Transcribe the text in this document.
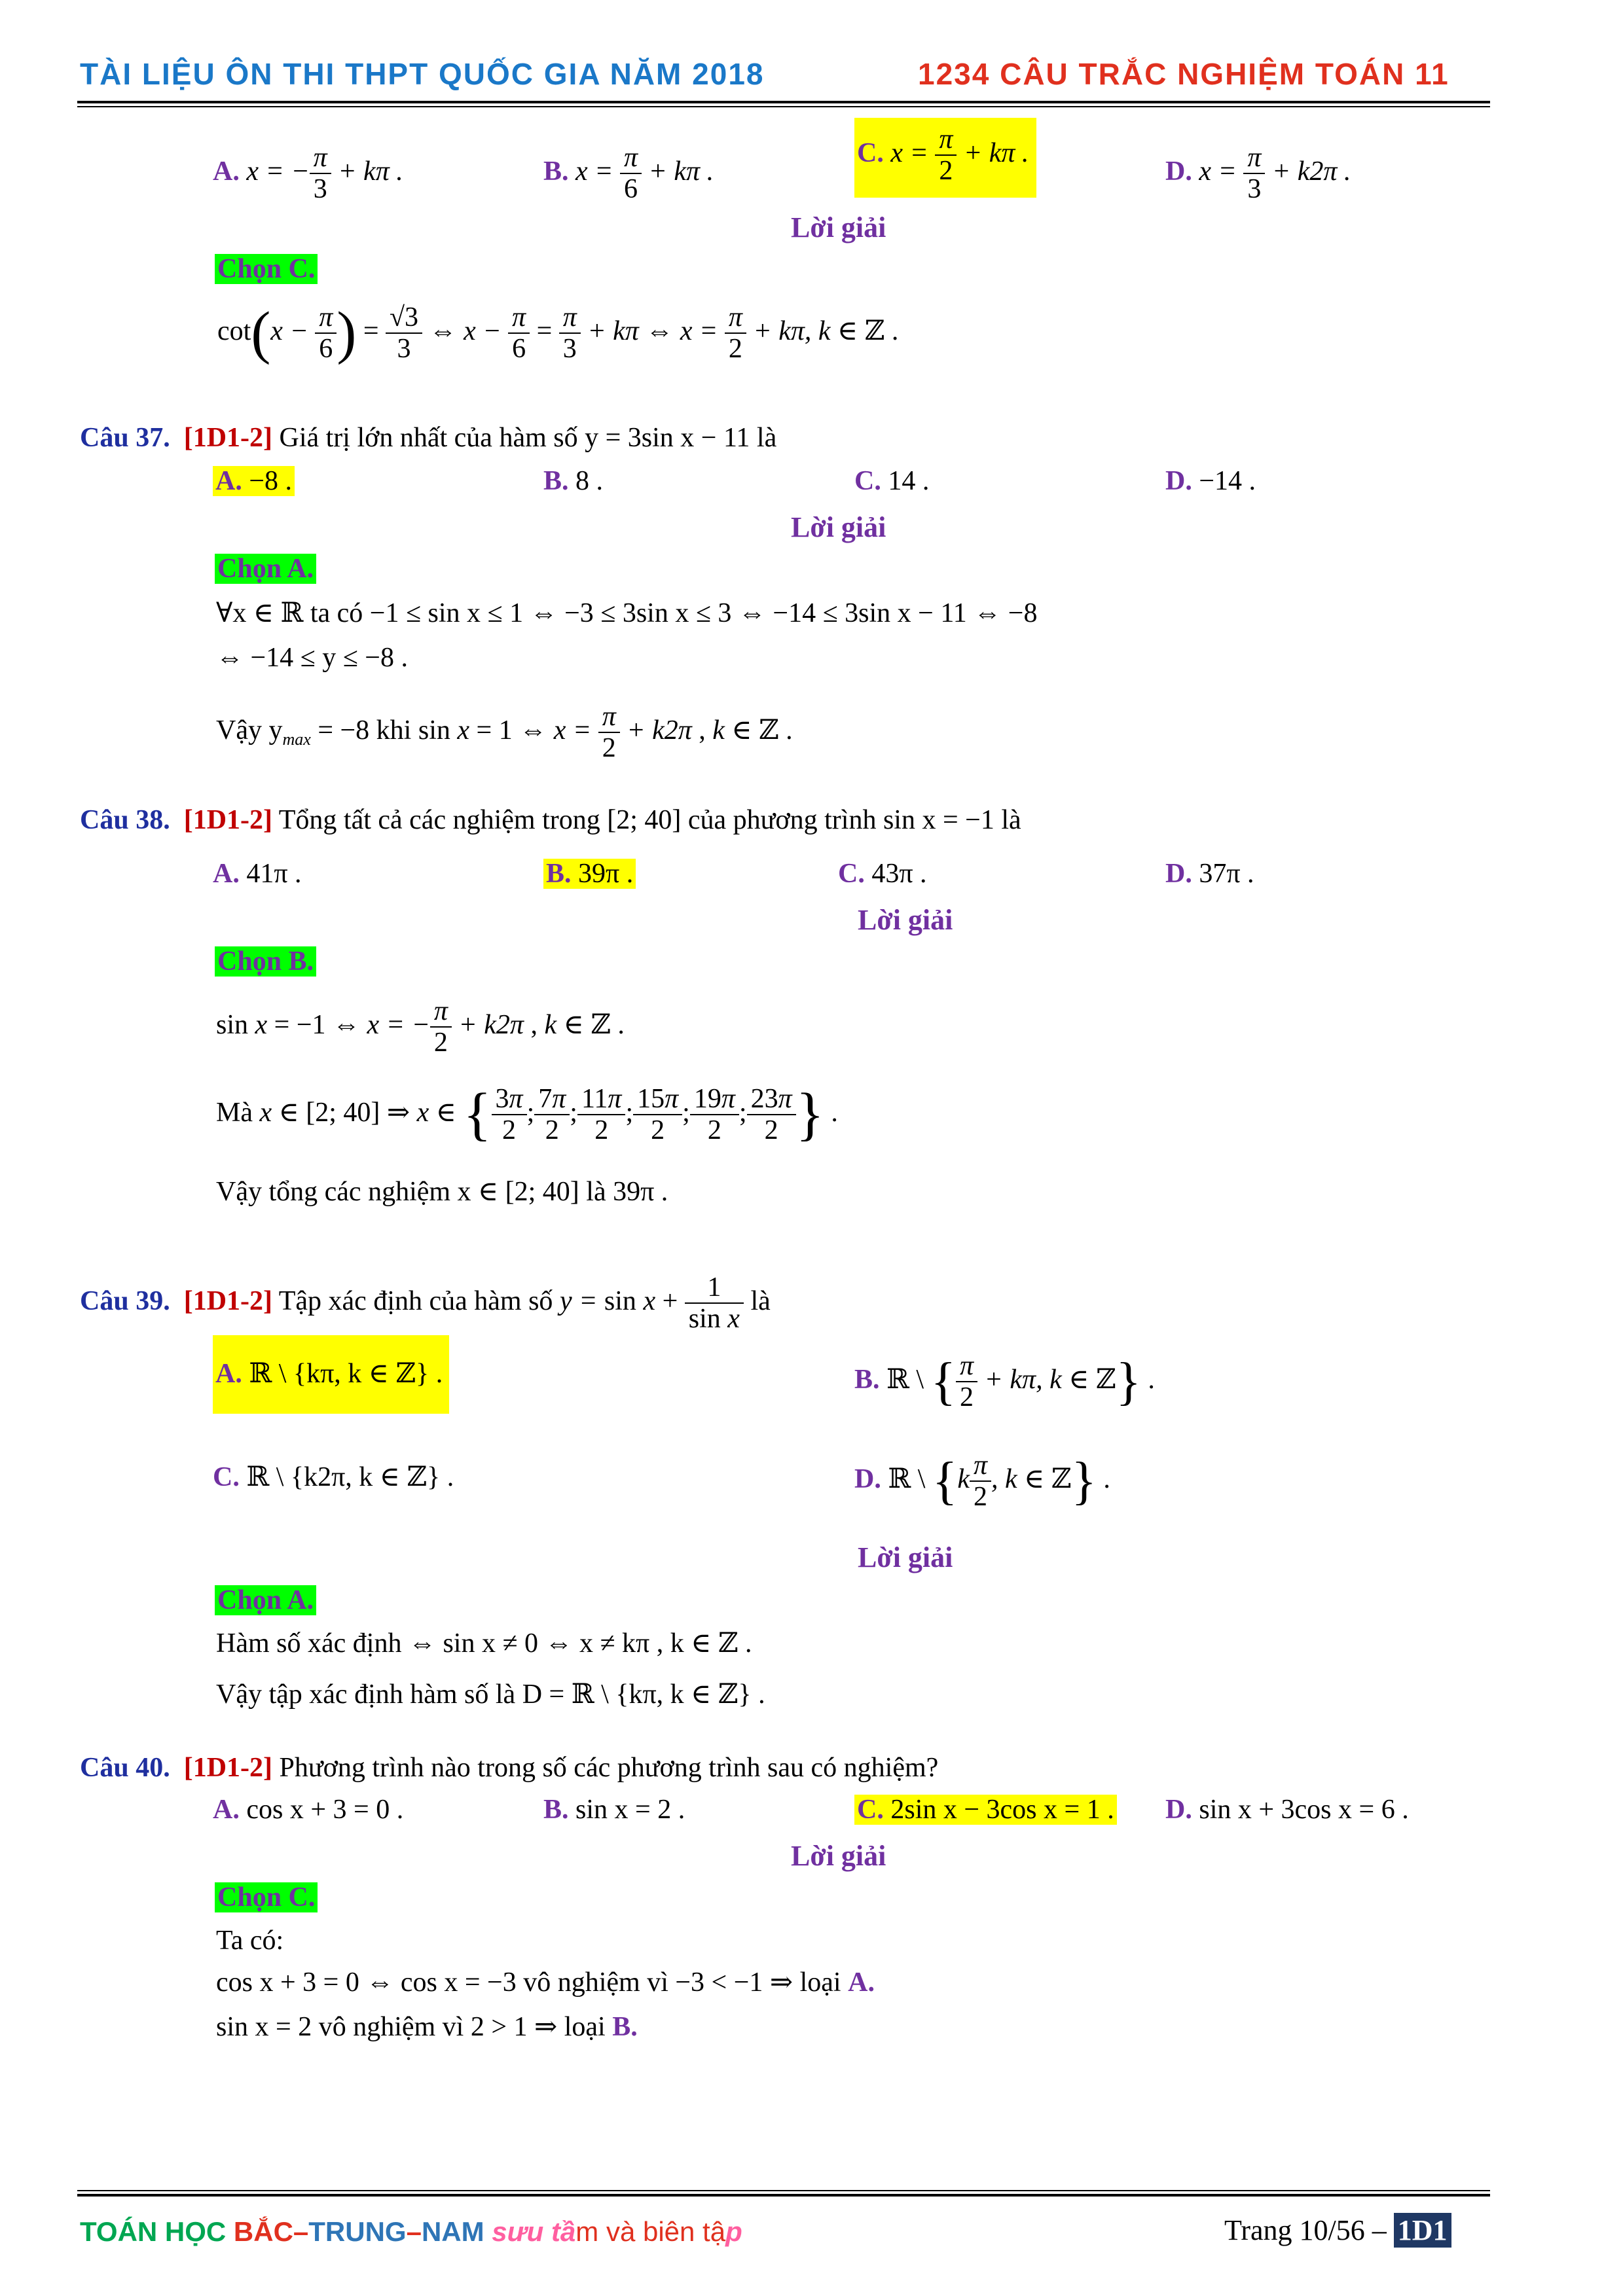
TÀI LIỆU ÔN THI THPT QUỐC GIA NĂM 2018	1234 CÂU TRẮC NGHIỆM TOÁN 11
A. x = − $\frac{\pi}{3} + k\pi$ .	B. $x = \frac{\pi}{6} + k\pi$ .
C. $x = \frac{\pi}{2} + k\pi$ .
D. $x = \frac{\pi}{3} + k2\pi$ .
Lời giải
Chọn C.
$\cot(x - \frac{\pi}{6}$ ) = $\frac{√3}{3}$ ⇔ $x - \frac{\pi}{6} = \frac{\pi}{3} + k\pi$ ⇔ $x = \frac{\pi}{2} + k\pi$, k ∈ ℤ .
Câu 37. [1D1-2] Giá trị lớn nhất của hàm số y = 3sin x − 11 là
A. −8 .	B. 8 .	C. 14 .	D. −14 .
Lời giải
Chọn A.
∀x ∈ ℝ ta có −1 ≤ sin x ≤ 1 ⇔ −3 ≤ 3sin x ≤ 3 ⇔ −14 ≤ 3sin x − 11 ⇔ −8
⇔ −14 ≤ y ≤ −8 .
Vậy $y_{max} = -8$ khi sin x = 1 ⇔ $x = \frac{\pi}{2} + k2\pi$ , k ∈ ℤ .
Câu 38. [1D1-2] Tổng tất cả các nghiệm trong [2; 40] của phương trình sin x = −1 là
A. 41π .	B. 39π .	C. 43π .	D. 37π .
Lời giải
Chọn B.
sin x = −1 ⇔ x = − $\frac{\pi}{2} + k2\pi$ , k ∈ ℤ .
Mà x ∈ [2; 40] ⇒ x ∈ { $\frac{3\pi}{2}$ ; $\frac{7\pi}{2}$ ; $\frac{11\pi}{2}$ ; $\frac{15\pi}{2}$ ; $\frac{19\pi}{2}$ ; $\frac{23\pi}{2}$ } .
Vậy tổng các nghiệm x ∈ [2; 40] là 39π .
Câu 39. [1D1-2] Tập xác định của hàm số $y = \sin x + \frac{1}{\text{sin x}}$ là
A. ℝ \ {kπ, k ∈ ℤ} .	B. ℝ \ { $\frac{\pi}{2} + k\pi$, k ∈ ℤ} .
C. ℝ \ {k2π, k ∈ ℤ} .	D. ℝ \ {$k \frac{\pi}{2}$ , k ∈ ℤ} .
Lời giải
Chọn A.
Hàm số xác định ⇔ sin x ≠ 0 ⇔ x ≠ kπ , k ∈ ℤ .
Vậy tập xác định hàm số là D = ℝ \ {kπ, k ∈ ℤ} .
Câu 40. [1D1-2] Phương trình nào trong số các phương trình sau có nghiệm?
A. cos x + 3 = 0 .	B. sin x = 2 .	C. 2sin x − 3cos x = 1 . D. sin x + 3cos x = 6 .
Lời giải
Chọn C.
Ta có:
cos x + 3 = 0 ⇔ cos x = −3 vô nghiệm vì −3 < −1 ⇒ loại A.
sin x = 2 vô nghiệm vì 2 > 1 ⇒ loại B.
TOÁN HỌC BẮC–TRUNG–NAM sưu tầm và biên tập	Trang 10/56 – 1D1
